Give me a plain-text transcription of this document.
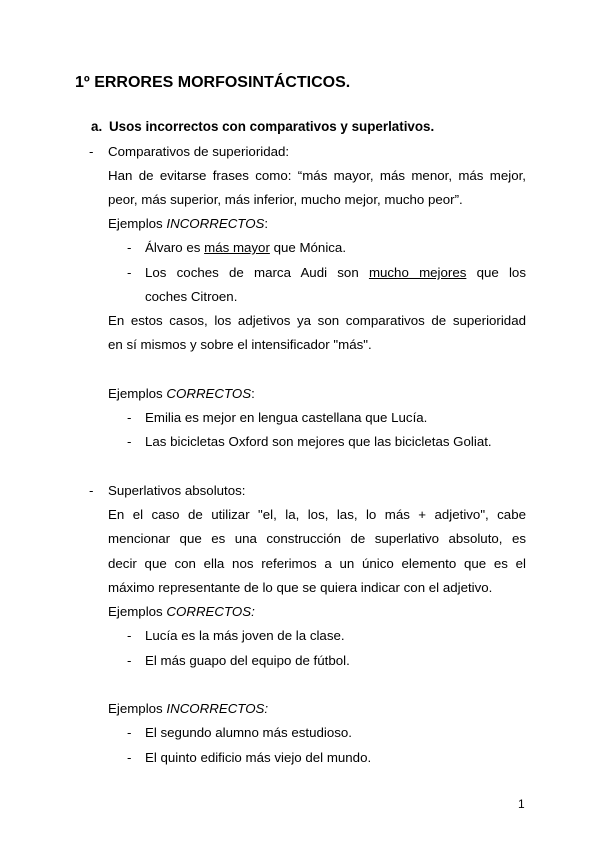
1º ERRORES MORFOSINTÁCTICOS.
a. Usos incorrectos con comparativos y superlativos.
- Comparativos de superioridad:
Han de evitarse frases como: “más mayor, más menor, más mejor,
peor, más superior, más inferior, mucho mejor, mucho peor”.
Ejemplos INCORRECTOS:
- Álvaro es más mayor que Mónica.
- Los coches de marca Audi son mucho mejores que los
coches Citroen.
En estos casos, los adjetivos ya son comparativos de superioridad
en sí mismos y sobre el intensificador "más".
Ejemplos CORRECTOS:
- Emilia es mejor en lengua castellana que Lucía.
- Las bicicletas Oxford son mejores que las bicicletas Goliat.
- Superlativos absolutos:
En el caso de utilizar "el, la, los, las, lo más + adjetivo", cabe
mencionar que es una construcción de superlativo absoluto, es
decir que con ella nos referimos a un único elemento que es el
máximo representante de lo que se quiera indicar con el adjetivo.
Ejemplos CORRECTOS:
- Lucía es la más joven de la clase.
- El más guapo del equipo de fútbol.
Ejemplos INCORRECTOS:
- El segundo alumno más estudioso.
- El quinto edificio más viejo del mundo.
1
